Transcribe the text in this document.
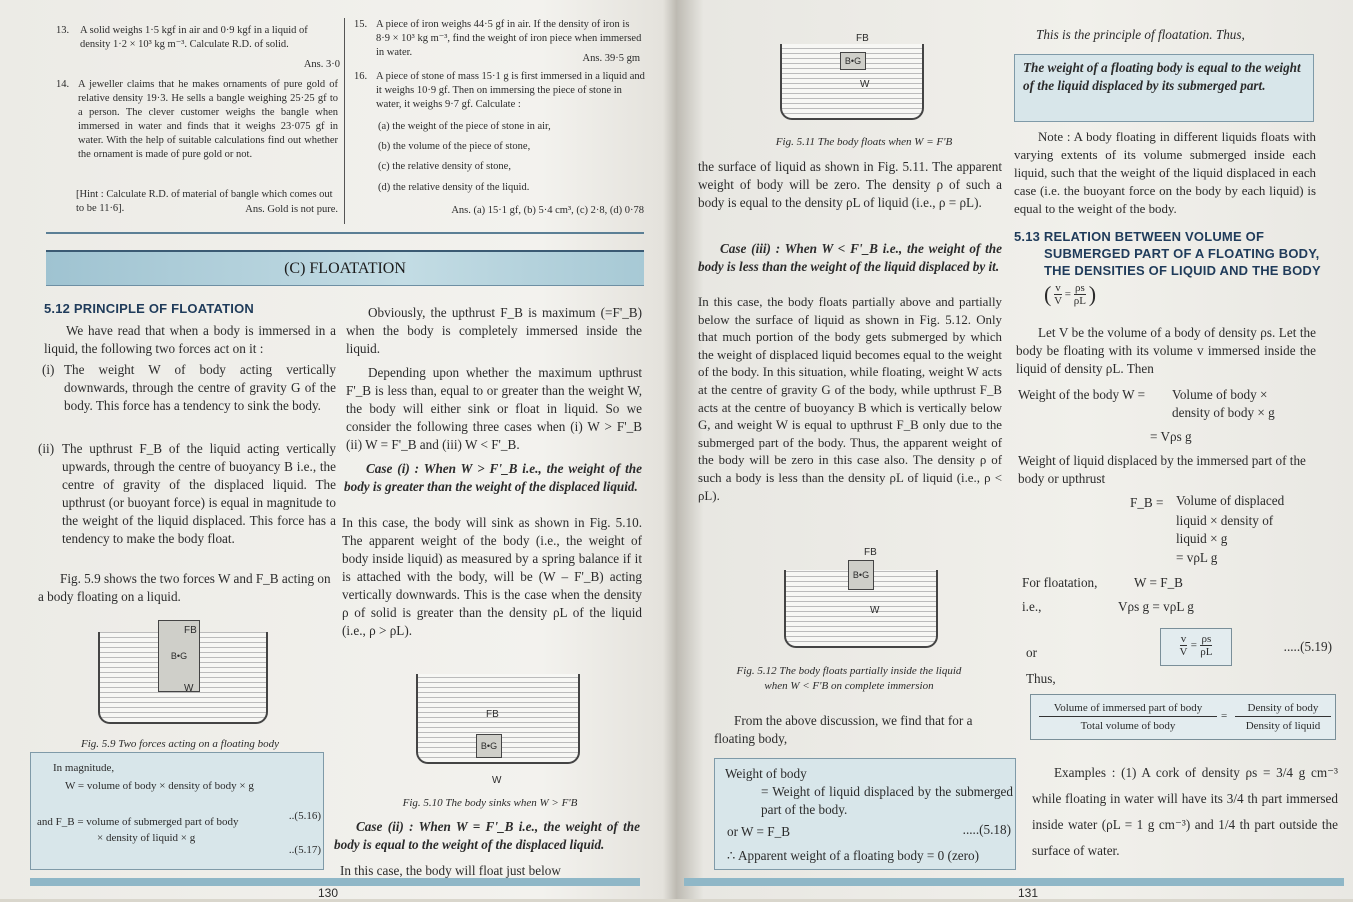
13.	A solid weighs 1·5 kgf in air and 0·9 kgf in a liquid of density 1·2 × 10³ kg m⁻³. Calculate R.D. of solid.
Ans. 3·0
14. A jeweller claims that he makes ornaments of pure gold of relative density 19·3. He sells a bangle weighing 25·25 gf to a person. The clever customer weighs the bangle when immersed in water and finds that it weighs 23·075 gf in water. With the help of suitable calculations find out whether the ornament is made of pure gold or not.
[Hint : Calculate R.D. of material of bangle which comes out to be 11·6].	Ans. Gold is not pure.
15. A piece of iron weighs 44·5 gf in air. If the density of iron is 8·9 × 10³ kg m⁻³, find the weight of iron piece when immersed in water.
Ans. 39·5 gm
16. A piece of stone of mass 15·1 g is first immersed in a liquid and it weighs 10·9 gf. Then on immersing the piece of stone in water, it weighs 9·7 gf. Calculate :
(a) the weight of the piece of stone in air,
(b) the volume of the piece of stone,
(c) the relative density of stone,
(d) the relative density of the liquid.
Ans. (a) 15·1 gf, (b) 5·4 cm³, (c) 2·8, (d) 0·78
(C) FLOATATION
5.12 PRINCIPLE OF FLOATATION
We have read that when a body is immersed in a liquid, the following two forces act on it :
(i) The weight W of body acting vertically downwards, through the centre of gravity G of the body. This force has a tendency to sink the body.
(ii) The upthrust F_B of the liquid acting vertically upwards, through the centre of buoyancy B i.e., the centre of gravity of the displaced liquid. The upthrust (or buoyant force) is equal in magnitude to the weight of the liquid displaced. This force has a tendency to make the body float.
Fig. 5.9 shows the two forces W and F_B acting on a body floating on a liquid.
B•G
FB
W
Fig. 5.9 Two forces acting on a floating body
In magnitude,
W = volume of body × density of body × g
..(5.16)
and F_B = volume of submerged part of body
× density of liquid × g
..(5.17)
Obviously, the upthrust F_B is maximum (=F'_B) when the body is completely immersed inside the liquid.
Depending upon whether the maximum upthrust F'_B is less than, equal to or greater than the weight W, the body will either sink or float in liquid. So we consider the following three cases when (i) W > F'_B (ii) W = F'_B and (iii) W < F'_B.
Case (i) : When W > F'_B i.e., the weight of the body is greater than the weight of the displaced liquid.
In this case, the body will sink as shown in Fig. 5.10. The apparent weight of the body (i.e., the weight of body inside liquid) as measured by a spring balance if it is attached with the body, will be (W – F'_B) acting vertically downwards. This is the case when the density ρ of solid is greater than the density ρL of the liquid (i.e., ρ > ρL).
B•G
FB
W
Fig. 5.10 The body sinks when W > F'B
Case (ii) : When W = F'_B i.e., the weight of the body is equal to the weight of the displaced liquid.
In this case, the body will float just below
130
B•G
FB
W
Fig. 5.11 The body floats when W = F'B
the surface of liquid as shown in Fig. 5.11. The apparent weight of body will be zero. The density ρ of such a body is equal to the density ρL of liquid (i.e., ρ = ρL).
Case (iii) : When W < F'_B i.e., the weight of the body is less than the weight of the liquid displaced by it.
In this case, the body floats partially above and partially below the surface of liquid as shown in Fig. 5.12. Only that much portion of the body gets submerged by which the weight of displaced liquid becomes equal to the weight of the body. In this situation, while floating, weight W acts at the centre of gravity G of the body, while upthrust F_B acts at the centre of buoyancy B which is vertically below G, and weight W is equal to upthrust F_B only due to the submerged part of the body. Thus, the apparent weight of the body will be zero in this case also. The density ρ of such a body is less than the density ρL of liquid (i.e., ρ < ρL).
B•G
FB
W
Fig. 5.12 The body floats partially inside the liquid
when W < F'B on complete immersion
From the above discussion, we find that for a floating body,
Weight of body
= Weight of liquid displaced by the submerged part of the body.
or W = F_B	.....(5.18)
∴ Apparent weight of a floating body = 0 (zero)
This is the principle of floatation. Thus,
The weight of a floating body is equal to the weight of the liquid displaced by its submerged part.
Note : A body floating in different liquids floats with varying extents of its volume submerged inside each liquid, such that the weight of the liquid displaced in each case (i.e. the buoyant force on the body by each liquid) is equal to the weight of the body.
5.13 RELATION BETWEEN VOLUME OF
SUBMERGED PART OF A FLOATING BODY,
THE DENSITIES OF LIQUID AND THE BODY
( $\frac{v}{V} = \frac{\rho s}{\rho L}$ )
Let V be the volume of a body of density ρs. Let the body be floating with its volume v immersed inside the liquid of density ρL. Then
Weight of the body W = Volume of body ×
density of body × g
= Vρs g
Weight of liquid displaced by the immersed part of the body or upthrust
F_B = Volume of displaced
liquid × density of
liquid × g
= vρL g
For floatation,	W = F_B
i.e.,	Vρs g = vρL g
or	$\frac{v}{V} = \frac{\rho s}{\rho L}$	.....(5.19)
Thus,
Volume of immersed part of body
Total volume of body
=
Density of body
Density of liquid
Examples : (1) A cork of density ρs = 3/4 g cm⁻³ while floating in water will have its 3/4 th part immersed inside water (ρL = 1 g cm⁻³) and 1/4 th part outside the surface of water.
131
